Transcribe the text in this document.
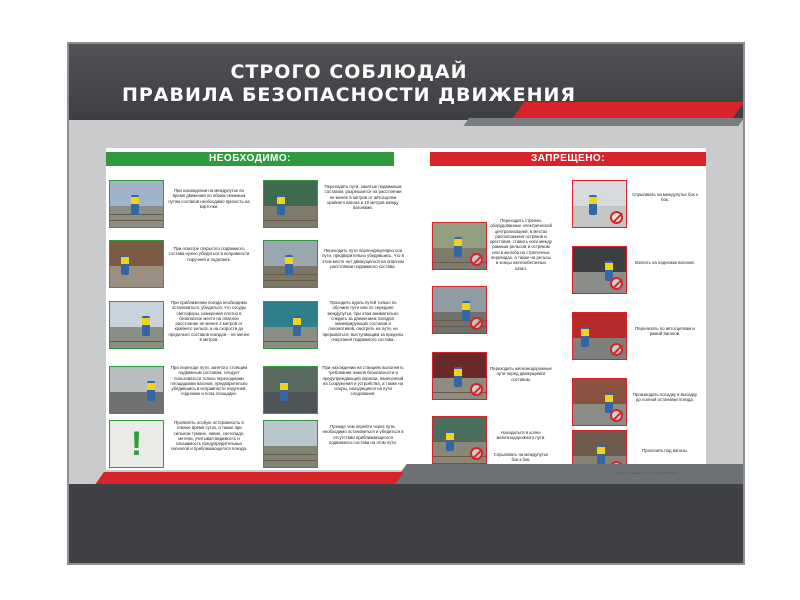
СТРОГО СОБЛЮДАЙ
ПРАВИЛА БЕЗОПАСНОСТИ ДВИЖЕНИЯ
НЕОБХОДИМО:	ЗАПРЕЩЕНО:
При нахождении на междупутье во время движения по обеим смежным путям составов необходимо присесть на корточки.
При осмотре открытого подвижного состава нужно убедиться в исправности поручней и подножек.
При приближении поезда необходимо остановиться, убедиться, что сосуды светофоры, измерения плотно в безопасное место на опасное расстояние не менее 2 метров от крайнего рельса, а на скорости до предельно составов поездов – не менее 5 метров.
При переходе пути, занятого стоящим подвижным составом, следует пользоваться только переходными площадками вагонов, предварительно убедившись в исправности поручней, подножек и пола площадки.
!
Проявлять особую осторожность в темное время суток, а также при сильном тумане, ливне, снегопаде, метели, учитывая видимость и слышимость предупредительных сигналов и приближающегося поезда.
Переходить пути, занятые подвижным составом, разрешается на расстоянии не менее 5 метров от автосцепки крайнего вагона и 10 метров между вагонами.
Переходить пути перпендикулярно оси пути, предварительно убедившись, что в этом месте нет движущегося на опасном расстоянии подвижного состава.
Проходить вдоль путей только по обочине пути или по середине междупутья, при этом внимательно следить за движением поездов, маневрирующих составов и локомотивов, смотреть на пути, не прерываться, выступающим за пределы очертания подвижного состава.
При нахождении на станциях выполнять требования знаков безопасности и предупреждающей окраски, нанесенной на сооружения и устройства, а также на опоры, находящиеся на пути следования.
Прежде чем перейти через пути, необходимо остановиться и убедиться в отсутствии приближающегося подвижного состава на этом пути.
Переходить стрелки, оборудованные электрической централизацией, в местах расположения остряков и крестовин, ставить ноги между рамным рельсом и остряком или в желоба на стрелочных переводах, а также на рельсы и концы железобетонных шпал.
Переходить железнодорожные пути перед движущимся составом.
Находиться в колее железнодорожного пути.
Спрыгивать на междупутье бок к бок.
Взлезть на подножки вагонов.
Перелезать по автосцепкам и рамой вагонов.
Производить посадку и высадку до полной остановки поезда.
Пролезать под вагоны.
Спрыгивать на междупутье бок к бок.
Плакат © охрана труда тел. (000) 000-00-00
